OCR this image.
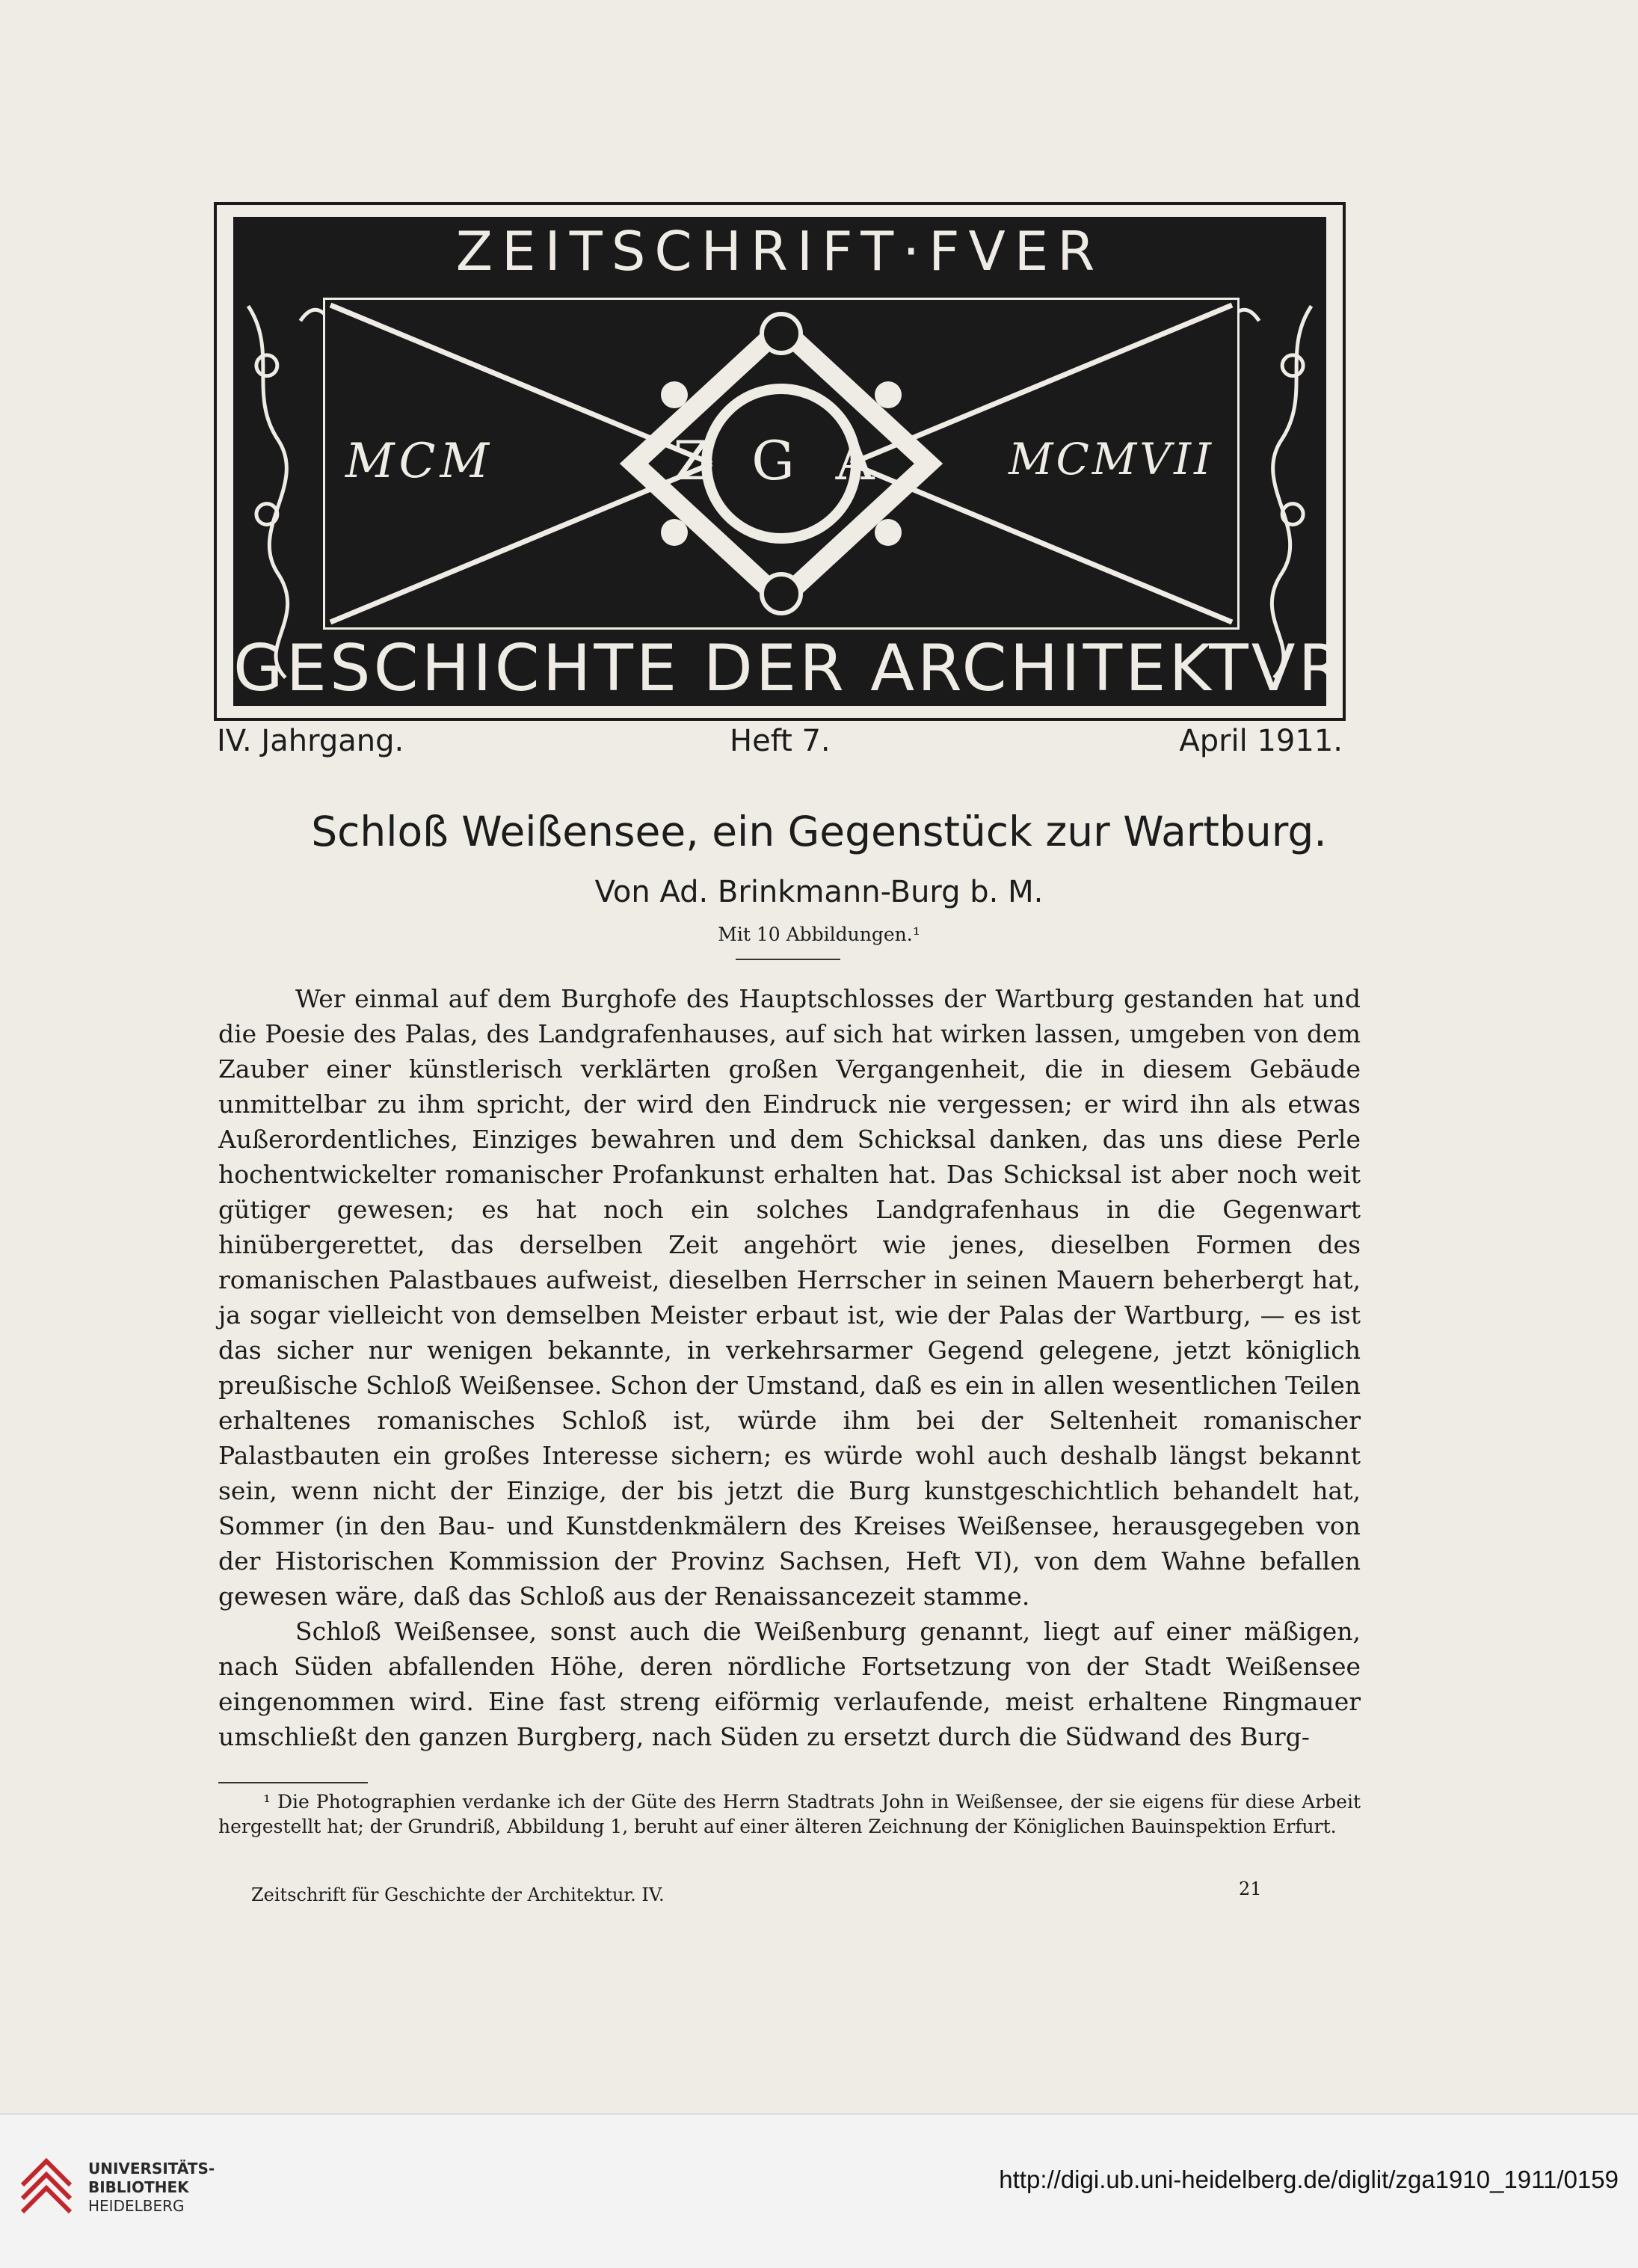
ZEITSCHRIFT·FVER
MCM	MCMVII
Z G A
GESCHICHTE DER ARCHITEKTVR
IV. Jahrgang.	Heft 7.	April 1911.
Schloß Weißensee, ein Gegenstück zur Wartburg.
Von Ad. Brinkmann-Burg b. M.
Mit 10 Abbildungen.¹

Wer einmal auf dem Burghofe des Hauptschlosses der Wartburg gestanden hat und die Poesie des Palas, des Landgrafenhauses, auf sich hat wirken lassen, umgeben von dem Zauber einer künstlerisch verklärten großen Vergangenheit, die in diesem Gebäude unmittelbar zu ihm spricht, der wird den Eindruck nie vergessen; er wird ihn als etwas Außerordentliches, Einziges bewahren und dem Schicksal danken, das uns diese Perle hochentwickelter romanischer Profankunst erhalten hat. Das Schicksal ist aber noch weit gütiger gewesen; es hat noch ein solches Landgrafenhaus in die Gegenwart hinübergerettet, das derselben Zeit angehört wie jenes, dieselben Formen des romanischen Palastbaues aufweist, dieselben Herrscher in seinen Mauern beherbergt hat, ja sogar vielleicht von demselben Meister erbaut ist, wie der Palas der Wartburg, — es ist das sicher nur wenigen bekannte, in verkehrsarmer Gegend gelegene, jetzt königlich preußische Schloß Weißensee. Schon der Umstand, daß es ein in allen wesentlichen Teilen erhaltenes romanisches Schloß ist, würde ihm bei der Seltenheit romanischer Palastbauten ein großes Interesse sichern; es würde wohl auch deshalb längst bekannt sein, wenn nicht der Einzige, der bis jetzt die Burg kunstgeschichtlich behandelt hat, Sommer (in den Bau- und Kunstdenkmälern des Kreises Weißensee, herausgegeben von der Historischen Kommission der Provinz Sachsen, Heft VI), von dem Wahne befallen gewesen wäre, daß das Schloß aus der Renaissancezeit stamme.

Schloß Weißensee, sonst auch die Weißenburg genannt, liegt auf einer mäßigen, nach Süden abfallenden Höhe, deren nördliche Fortsetzung von der Stadt Weißensee eingenommen wird. Eine fast streng eiförmig verlaufende, meist erhaltene Ringmauer umschließt den ganzen Burgberg, nach Süden zu ersetzt durch die Südwand des Burg-

¹ Die Photographien verdanke ich der Güte des Herrn Stadtrats John in Weißensee, der sie eigens für diese Arbeit hergestellt hat; der Grundriß, Abbildung 1, beruht auf einer älteren Zeichnung der Königlichen Bauinspektion Erfurt.

Zeitschrift für Geschichte der Architektur. IV.	21
UNIVERSITÄTS-
BIBLIOTHEK
HEIDELBERG
http://digi.ub.uni-heidelberg.de/diglit/zga1910_1911/0159
